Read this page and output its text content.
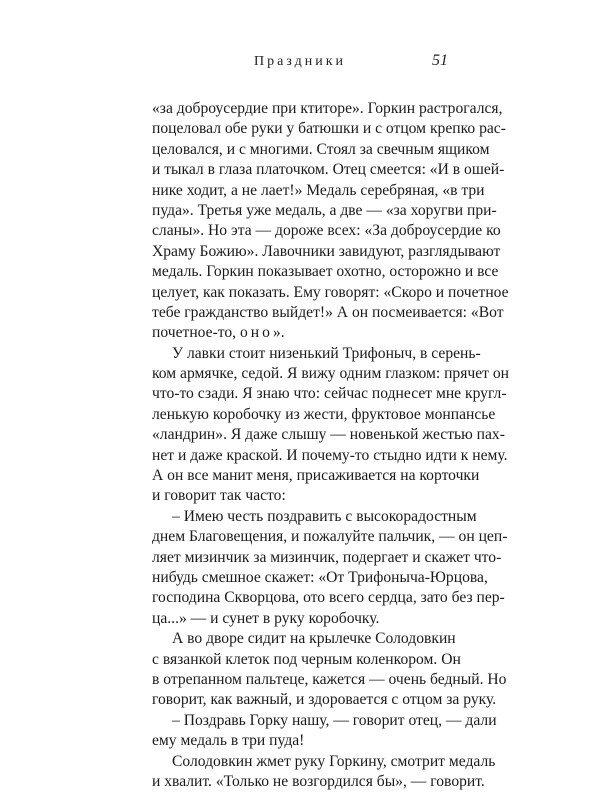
Праздники	51
«за доброусердие при ктиторе». Горкин растрогался,
поцеловал обе руки у батюшки и с отцом крепко рас-
целовался, и с многими. Стоял за свечным ящиком
и тыкал в глаза платочком. Отец смеется: «И в ошей-
нике ходит, а не лает!» Медаль серебряная, «в три
пуда». Третья уже медаль, а две — «за хоругви при-
сланы». Но эта — дороже всех: «За доброусердие ко
Храму Божию». Лавочники завидуют, разглядывают
медаль. Горкин показывает охотно, осторожно и все
целует, как показать. Ему говорят: «Скоро и почетное
тебе гражданство выйдет!» А он посмеивается: «Вот
почетное-то, оно».
У лавки стоит низенький Трифоныч, в серень-
ком армячке, седой. Я вижу одним глазком: прячет он
что-то сзади. Я знаю что: сейчас поднесет мне кругл-
ленькую коробочку из жести, фруктовое монпансье
«ландрин». Я даже слышу — новенькой жестью пах-
нет и даже краской. И почему-то стыдно идти к нему.
А он все манит меня, присаживается на корточки
и говорит так часто:
– Имею честь поздравить с высокорадостным
днем Благовещения, и пожалуйте пальчик, — он цеп-
ляет мизинчик за мизинчик, подергает и скажет что-
нибудь смешное скажет: «От Трифоныча-Юрцова,
господина Скворцова, ото всего сердца, зато без пер-
ца...» — и сунет в руку коробочку.
А во дворе сидит на крылечке Солодовкин
с вязанкой клеток под черным коленкором. Он
в отрепанном пальтеце, кажется — очень бедный. Но
говорит, как важный, и здоровается с отцом за руку.
– Поздравь Горку нашу, — говорит отец, — дали
ему медаль в три пуда!
Солодовкин жмет руку Горкину, смотрит медаль
и хвалит. «Только не возгордился бы», — говорит.
